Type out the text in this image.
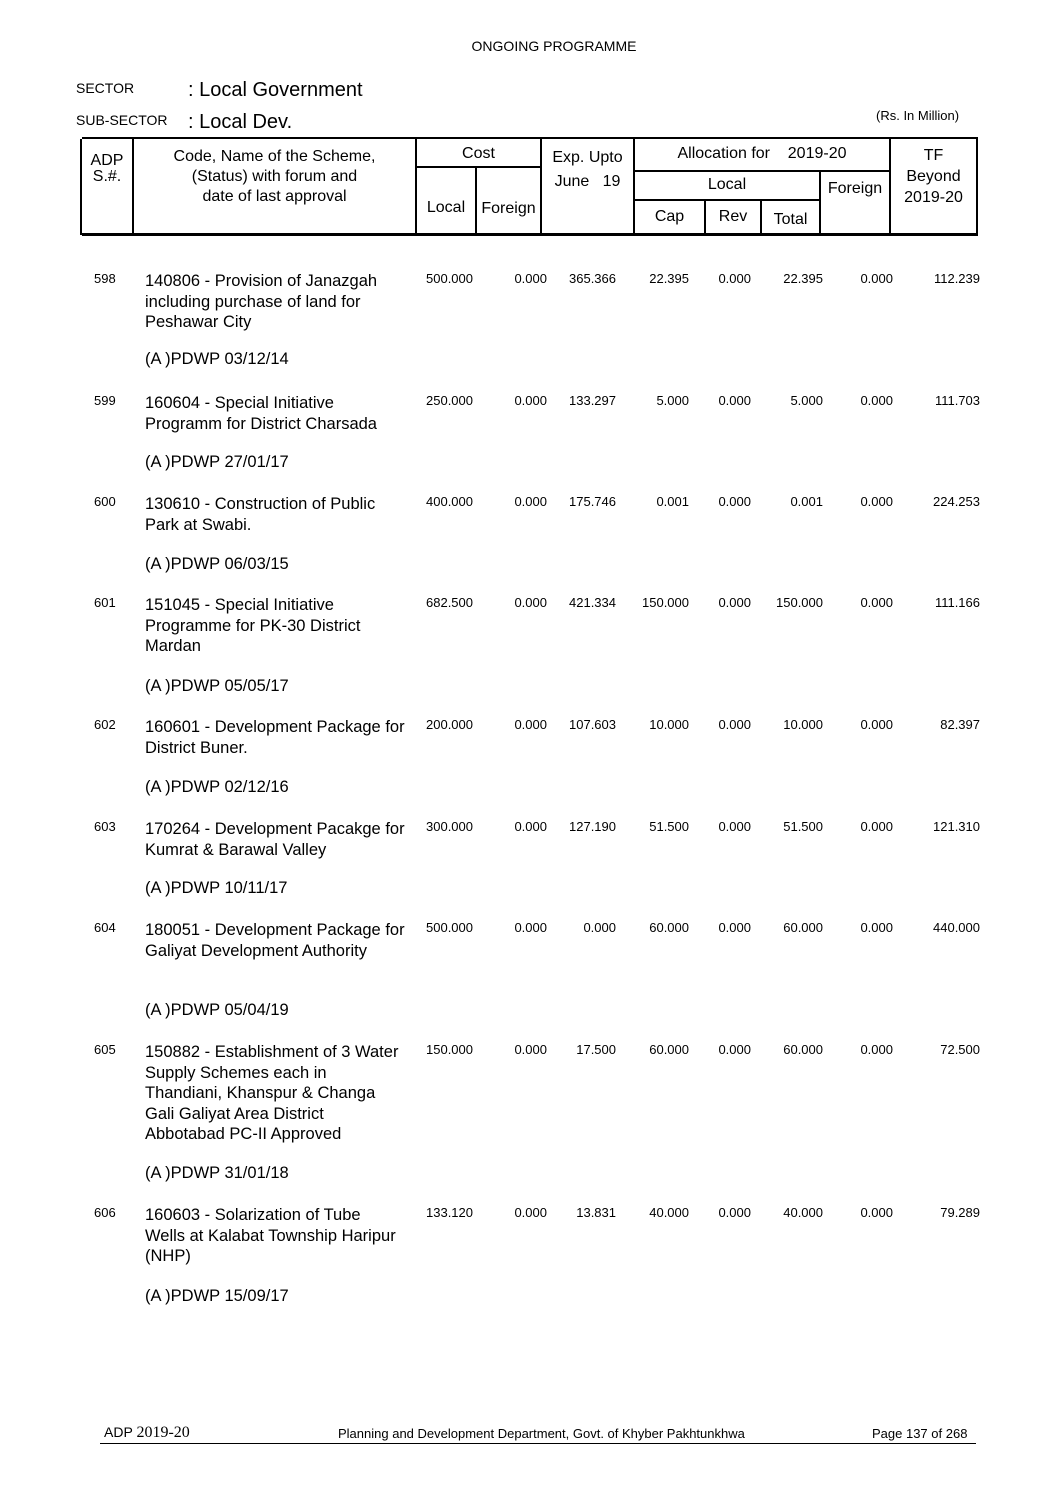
ONGOING PROGRAMME
SECTOR	: Local Government
SUB-SECTOR : Local Dev.	(Rs. In Million)
ADP
S.#.
Code, Name of the Scheme,
(Status) with forum and
date of last approval
Cost
Local	Foreign
Exp. Upto
June   19
Allocation for    2019-20
Local	Foreign
Cap	Rev	Total
TF
Beyond
2019-20
598 140806 - Provision of Janazgah including purchase of land for Peshawar City
(A )PDWP 03/12/14
500.000	0.000	365.366	22.395	0.000	22.395	0.000	112.239
599 160604 - Special Initiative Programm for District Charsada
(A )PDWP 27/01/17
250.000	0.000	133.297	5.000	0.000	5.000	0.000	111.703
600 130610 - Construction of Public Park at Swabi.
(A )PDWP 06/03/15
400.000	0.000	175.746	0.001	0.000	0.001	0.000	224.253
601 151045 - Special Initiative Programme for PK-30 District Mardan
(A )PDWP 05/05/17
682.500	0.000	421.334	150.000	0.000	150.000	0.000	111.166
602 160601 - Development Package for District Buner.
(A )PDWP 02/12/16
200.000	0.000	107.603	10.000	0.000	10.000	0.000	82.397
603 170264 - Development Pacakge for Kumrat & Barawal Valley
(A )PDWP 10/11/17
300.000	0.000	127.190	51.500	0.000	51.500	0.000	121.310
604 180051 - Development Package for Galiyat Development Authority
(A )PDWP 05/04/19
500.000	0.000	0.000	60.000	0.000	60.000	0.000	440.000
605 150882 - Establishment of 3 Water Supply Schemes each in Thandiani, Khanspur & Changa Gali Galiyat Area District Abbotabad PC-II Approved
(A )PDWP 31/01/18
150.000	0.000	17.500	60.000	0.000	60.000	0.000	72.500
606 160603 - Solarization of Tube Wells at Kalabat Township Haripur (NHP)
(A )PDWP 15/09/17
133.120	0.000	13.831	40.000	0.000	40.000	0.000	79.289
ADP 2019-20	Planning and Development Department, Govt. of Khyber Pakhtunkhwa	Page 137 of 268
